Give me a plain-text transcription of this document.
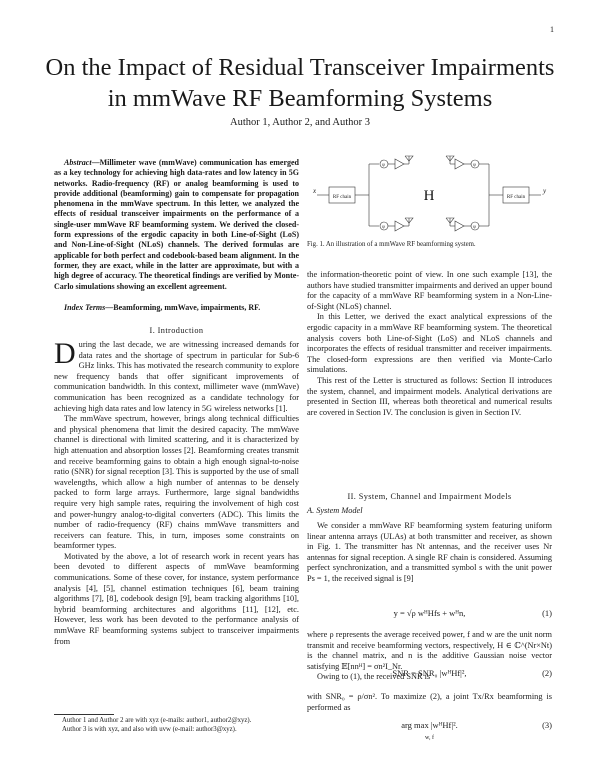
1
On the Impact of Residual Transceiver Impairments
in mmWave RF Beamforming Systems
Author 1, Author 2, and Author 3

Abstract—Millimeter wave (mmWave) communication has emerged as a key technology for achieving high data-rates and low latency in 5G networks. Radio-frequency (RF) or analog beamforming is used to provide additional (beamforming) gain to compensate for propagation phenomena in the mmWave spectrum. In this letter, we analyzed the effects of residual transceiver impairments on the performance of a single-user mmWave RF beamforming system. We derived the closed-form expressions of the ergodic capacity in both Line-of-Sight (LoS) and Non-Line-of-Sight (NLoS) channels. The derived formulas are applicable for both perfect and codebook-based beam alignment. In the former, they are exact, while in the latter are approximate, but with a high degree of accuracy. The theoretical findings are verified by Monte-Carlo simulations showing an excellent agreement.

Index Terms—Beamforming, mmWave, impairments, RF.

I. Introduction

During the last decade, we are witnessing increased demands for data rates and the shortage of spectrum in particular for Sub-6 GHz links. This has motivated the research community to explore new frequency bands that offer significant improvements of communication bandwidth. In this context, millimeter wave (mmWave) communication has been recognized as a candidate technology for achieving high data rates and low latency in 5G wireless networks [1].

The mmWave spectrum, however, brings along technical difficulties and physical phenomena that limit the desired capacity. The mmWave channel is directional with limited scattering, and it is characterized by high attenuation and absorption losses [2]. Beamforming creates transmit and receive beamforming gains to obtain a high enough signal-to-noise ratio (SNR) for signal reception [3]. This is supported by the use of small wavelengths, which allow a high number of antennas to be densely packed to form large arrays. Furthermore, large signal bandwidths require very high sample rates, requiring the involvement of high cost and power-hungry analog-to-digital converters (ADC). This limits the number of radio-frequency (RF) chains mmWave transmitters and receivers can feature. This, in turn, imposes some constraints on beamformer types.

Motivated by the above, a lot of research work in recent years has been devoted to different aspects of mmWave beamforming communications. Some of these cover, for instance, system performance analysis [4], [5], channel estimation techniques [6], beam training algorithms [7], [8], codebook design [9], beam tracking algorithms [10], hybrid beamforming architectures and algorithms [11], [12], etc. However, less work has been devoted to the performance analysis of mmWave RF beamforming systems subject to transceiver impairments from

Author 1 and Author 2 are with xyz (e-mails: author1, author2@xyz).
Author 3 is with xyz, and also with uvw (e-mail: author3@xyz).
φ
φ
φ
φ
x	y
RF chain	RF chain
H
Fig. 1. An illustration of a mmWave RF beamforming system.

the information-theoretic point of view. In one such example [13], the authors have studied transmitter impairments and derived an upper bound for the capacity of a mmWave RF beamforming system in a Non-Line-of-Sight (NLoS) channel.

In this Letter, we derived the exact analytical expressions of the ergodic capacity in a mmWave RF beamforming system. The theoretical analysis covers both Line-of-Sight (LoS) and NLoS channels and incorporates the effects of residual transmitter and receiver impairments. The closed-form expressions are then verified via Monte-Carlo simulations.

This rest of the Letter is structured as follows: Section II introduces the system, channel, and impairment models. Analytical derivations are presented in Section III, whereas both theoretical and numerical results are covered in Section IV. The conclusion is given in Section IV.

II. System, Channel and Impairment Models
A. System Model

We consider a mmWave RF beamforming system featuring uniform linear antenna arrays (ULAs) at both transmitter and receiver, as shown in Fig. 1. The transmitter has Nt antennas, and the receiver uses Nr antennas for signal reception. A single RF chain is considered. Assuming perfect synchronization, and a transmitted symbol s with the unit power Ps = 1, the received signal is [9]

y = √ρ wᴴHfs + wᴴn,	(1)

where ρ represents the average received power, f and w are the unit norm transmit and receive beamforming vectors, respectively, H ∈ ℂ^(Nr×Nt) is the channel matrix, and n is the additive Gaussian noise vector satisfying 𝔼[nnᴴ] = σn²I_Nr.

Owing to (1), the received SNR is

SNR = SNR₀ |wᴴHf|²,	(2)

with SNR₀ = ρ/σn². To maximize (2), a joint Tx/Rx beamforming is performed as

arg max |wᴴHf|².	(3)
w, f
